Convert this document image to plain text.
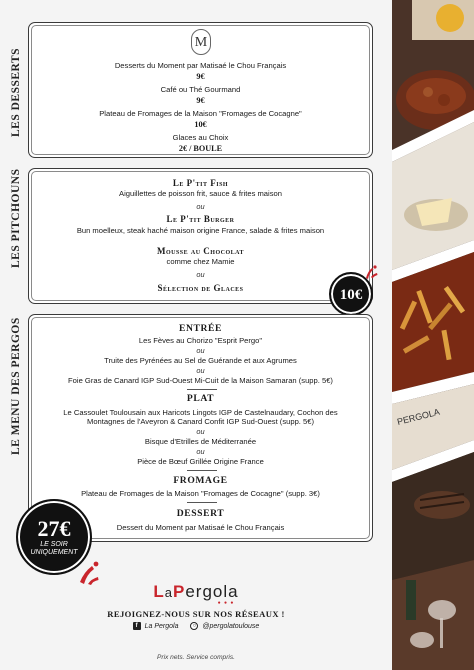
LES DESSERTS
M
Desserts du Moment par Matisaé le Chou Français
9€
Café ou Thé Gourmand
9€
Plateau de Fromages de la Maison "Fromages de Cocagne"
10€
Glaces au Choix
2€ / BOULE
LES PITCHOUNS	Le P'tit Fish
Aiguillettes de poisson frit, sauce & frites maison
ou
Le P'tit Burger
Bun moelleux, steak haché maison origine France, salade & frites maison
Mousse au Chocolat
comme chez Mamie
ou
Sélection de Glaces	10€
LE MENU DES PERGOS	ENTRÉE
Les Fèves au Chorizo "Esprit Pergo"
ou
Truite des Pyrénées au Sel de Guérande et aux Agrumes
ou
Foie Gras de Canard IGP Sud-Ouest Mi-Cuit de la Maison Samaran (supp. 5€)
PLAT
Le Cassoulet Toulousain aux Haricots Lingots IGP de Castelnaudary, Cochon des
Montagnes de l'Aveyron & Canard Confit IGP Sud-Ouest (supp. 5€)
ou
Bisque d'Etrilles de Méditerranée
ou
Pièce de Bœuf Grillée Origine France
FROMAGE
Plateau de Fromages de la Maison "Fromages de Cocagne" (supp. 3€)
DESSERT
Dessert du Moment par Matisaé le Chou Français
27€
LE SOIR
UNIQUEMENT
LaPergola
● ● ●
REJOIGNEZ-NOUS SUR NOS RÉSEAUX !
f La Pergola ○ @pergolatoulouse
Prix nets. Service compris.
PERGOLA
